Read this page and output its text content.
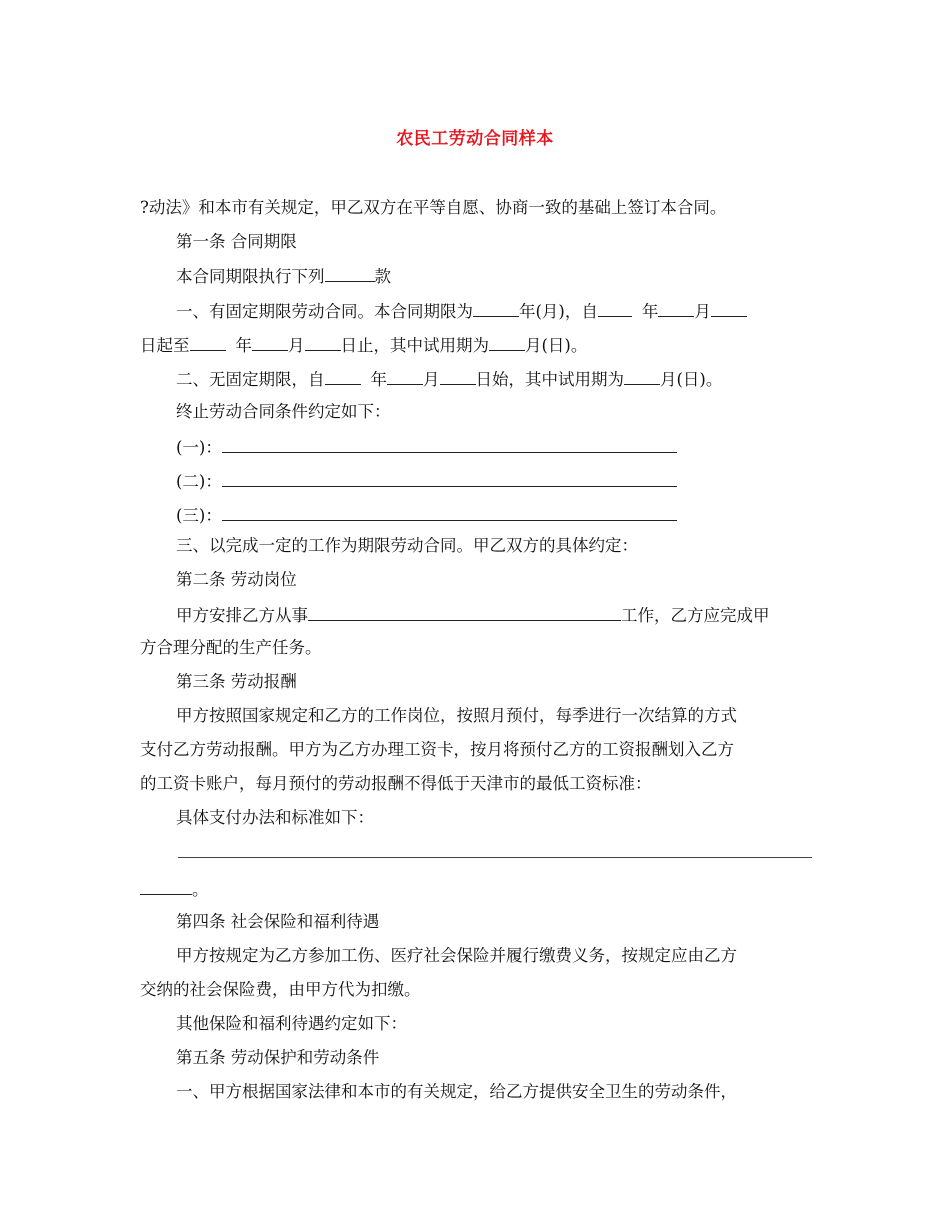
农民工劳动合同样本
?动法》和本市有关规定，甲乙双方在平等自愿、协商一致的基础上签订本合同。
第一条 合同期限
本合同期限执行下列	款
一、有固定期限劳动合同。本合同期限为	年(月)，自	年 月
日起至	年 月 日止，其中试用期为 月(日)。
二、无固定期限，自	年 月 日始，其中试用期为 月(日)。
终止劳动合同条件约定如下：
(一)：
(二)：
(三)：
三、以完成一定的工作为期限劳动合同。甲乙双方的具体约定：
第二条 劳动岗位
甲方安排乙方从事	工作，乙方应完成甲
方合理分配的生产任务。
第三条 劳动报酬
甲方按照国家规定和乙方的工作岗位，按照月预付，每季进行一次结算的方式
支付乙方劳动报酬。甲方为乙方办理工资卡，按月将预付乙方的工资报酬划入乙方
的工资卡账户，每月预付的劳动报酬不得低于天津市的最低工资标准：
具体支付办法和标准如下：
。
第四条 社会保险和福利待遇
甲方按规定为乙方参加工伤、医疗社会保险并履行缴费义务，按规定应由乙方
交纳的社会保险费，由甲方代为扣缴。
其他保险和福利待遇约定如下：
第五条 劳动保护和劳动条件
一、甲方根据国家法律和本市的有关规定，给乙方提供安全卫生的劳动条件，
